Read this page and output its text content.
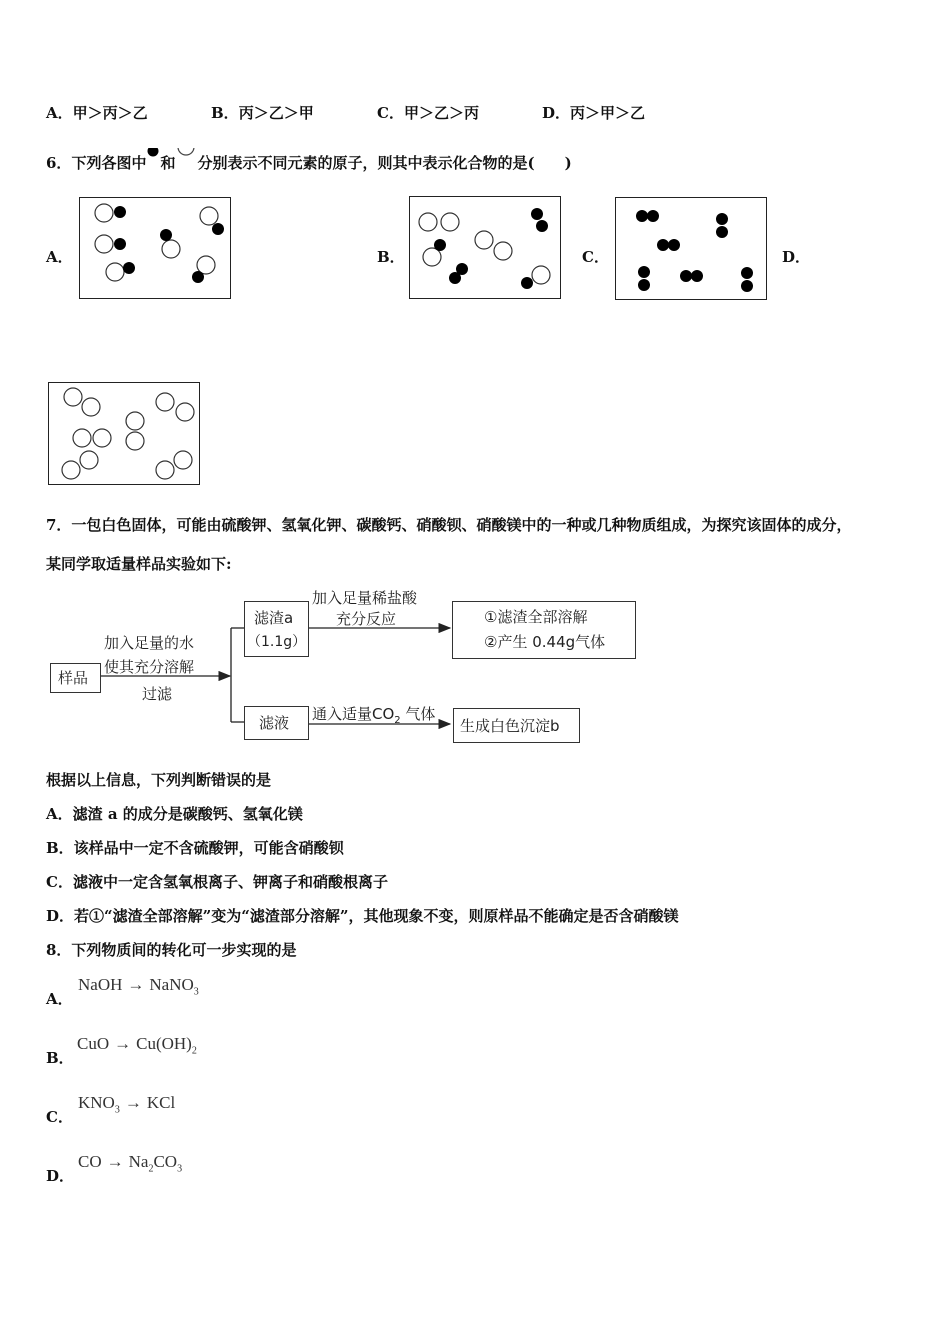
A．甲＞丙＞乙	B．丙＞乙＞甲	C．甲＞乙＞丙	D．丙＞甲＞乙
6．下列各图中 和 分别表示不同元素的原子，则其中表示化合物的是(　　)
A．	B．	C．	D．
7．一包白色固体，可能由硫酸钾、氢氧化钾、碳酸钙、硝酸钡、硝酸镁中的一种或几种物质组成，为探究该固体的成分，
某同学取适量样品实验如下:
样品
加入足量的水
使其充分溶解
过滤
滤渣a
（1.1g）
加入足量稀盐酸
充分反应	①滤渣全部溶解
②产生 0.44g气体
滤液 通入适量$CO_2$ 气体
生成白色沉淀b
根据以上信息，下列判断错误的是
A．滤渣 a 的成分是碳酸钙、氢氧化镁
B．该样品中一定不含硫酸钾，可能含硝酸钡
C．滤液中一定含氢氧根离子、钾离子和硝酸根离子
D．若①“滤渣全部溶解”变为“滤渣部分溶解”，其他现象不变，则原样品不能确定是否含硝酸镁
8．下列物质间的转化可一步实现的是
A．
NaOH → NaNO$_3$
B．
CuO → $Cu(OH)_2$
C．
$KNO_3$ → KCl
D．
CO → $Na_2CO_3$
